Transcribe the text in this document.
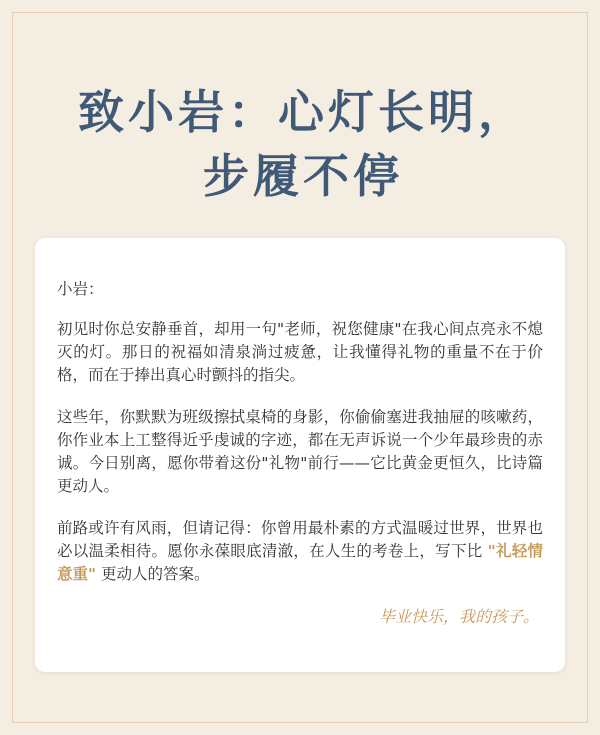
致小岩：心灯长明，
步履不停

小岩：

初见时你总安静垂首，却用一句"老师，祝您健康"在我心间点亮永不熄灭的灯。那日的祝福如清泉淌过疲惫，让我懂得礼物的重量不在于价格，而在于捧出真心时颤抖的指尖。

这些年，你默默为班级擦拭桌椅的身影，你偷偷塞进我抽屉的咳嗽药，你作业本上工整得近乎虔诚的字迹，都在无声诉说一个少年最珍贵的赤诚。今日别离，愿你带着这份"礼物"前行——它比黄金更恒久，比诗篇更动人。

前路或许有风雨，但请记得：你曾用最朴素的方式温暖过世界，世界也必以温柔相待。愿你永葆眼底清澈，在人生的考卷上，写下比 "礼轻情意重" 更动人的答案。

毕业快乐，我的孩子。
